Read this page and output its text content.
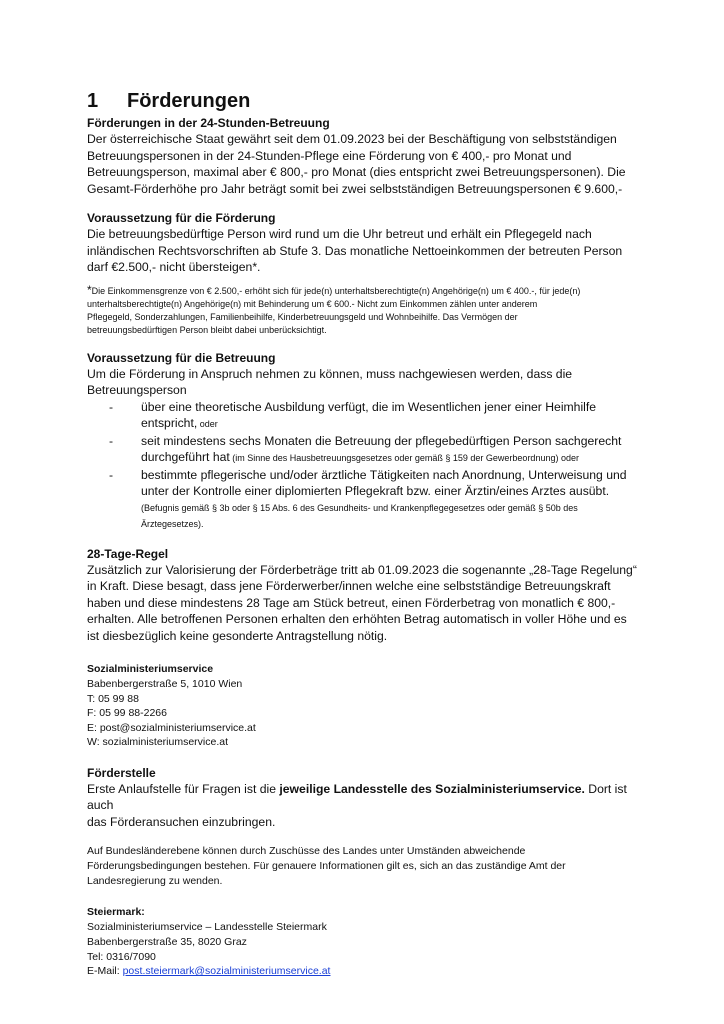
1 Förderungen
Förderungen in der 24-Stunden-Betreuung

Der österreichische Staat gewährt seit dem 01.09.2023 bei der Beschäftigung von selbstständigen

Betreuungspersonen in der 24-Stunden-Pflege eine Förderung von € 400,- pro Monat und

Betreuungsperson, maximal aber € 800,- pro Monat (dies entspricht zwei Betreuungspersonen). Die

Gesamt-Förderhöhe pro Jahr beträgt somit bei zwei selbstständigen Betreuungspersonen € 9.600,-

Voraussetzung für die Förderung

Die betreuungsbedürftige Person wird rund um die Uhr betreut und erhält ein Pflegegeld nach

inländischen Rechtsvorschriften ab Stufe 3. Das monatliche Nettoeinkommen der betreuten Person

darf €2.500,- nicht übersteigen*.

*Die Einkommensgrenze von € 2.500,- erhöht sich für jede(n) unterhaltsberechtigte(n) Angehörige(n) um € 400.-, für jede(n)
unterhaltsberechtigte(n) Angehörige(n) mit Behinderung um € 600.- Nicht zum Einkommen zählen unter anderem
Pflegegeld, Sonderzahlungen, Familienbeihilfe, Kinderbetreuungsgeld und Wohnbeihilfe. Das Vermögen der
betreuungsbedürftigen Person bleibt dabei unberücksichtigt.
Voraussetzung für die Betreuung

Um die Förderung in Anspruch nehmen zu können, muss nachgewiesen werden, dass die

Betreuungsperson

- über eine theoretische Ausbildung verfügt, die im Wesentlichen jener einer Heimhilfe
entspricht, oder
- seit mindestens sechs Monaten die Betreuung der pflegebedürftigen Person sachgerecht
durchgeführt hat (im Sinne des Hausbetreuungsgesetzes oder gemäß § 159 der Gewerbeordnung) oder
- bestimmte pflegerische und/oder ärztliche Tätigkeiten nach Anordnung, Unterweisung und
unter der Kontrolle einer diplomierten Pflegekraft bzw. einer Ärztin/eines Arztes ausübt.
(Befugnis gemäß § 3b oder § 15 Abs. 6 des Gesundheits- und Krankenpflegegesetzes oder gemäß § 50b des
Ärztegesetzes).
28-Tage-Regel

Zusätzlich zur Valorisierung der Förderbeträge tritt ab 01.09.2023 die sogenannte „28-Tage Regelung“

in Kraft. Diese besagt, dass jene Förderwerber/innen welche eine selbstständige Betreuungskraft

haben und diese mindestens 28 Tage am Stück betreut, einen Förderbetrag von monatlich € 800,-

erhalten. Alle betroffenen Personen erhalten den erhöhten Betrag automatisch in voller Höhe und es

ist diesbezüglich keine gesonderte Antragstellung nötig.

Sozialministeriumservice

Babenbergerstraße 5, 1010 Wien

T: 05 99 88

F: 05 99 88-2266

E: post@sozialministeriumservice.at

W: sozialministeriumservice.at

Förderstelle

Erste Anlaufstelle für Fragen ist die jeweilige Landesstelle des Sozialministeriumservice. Dort ist auch

das Förderansuchen einzubringen.

Auf Bundesländerebene können durch Zuschüsse des Landes unter Umständen abweichende

Förderungsbedingungen bestehen. Für genauere Informationen gilt es, sich an das zuständige Amt der

Landesregierung zu wenden.

Steiermark:

Sozialministeriumservice – Landesstelle Steiermark

Babenbergerstraße 35, 8020 Graz

Tel: 0316/7090

E-Mail: post.steiermark@sozialministeriumservice.at
